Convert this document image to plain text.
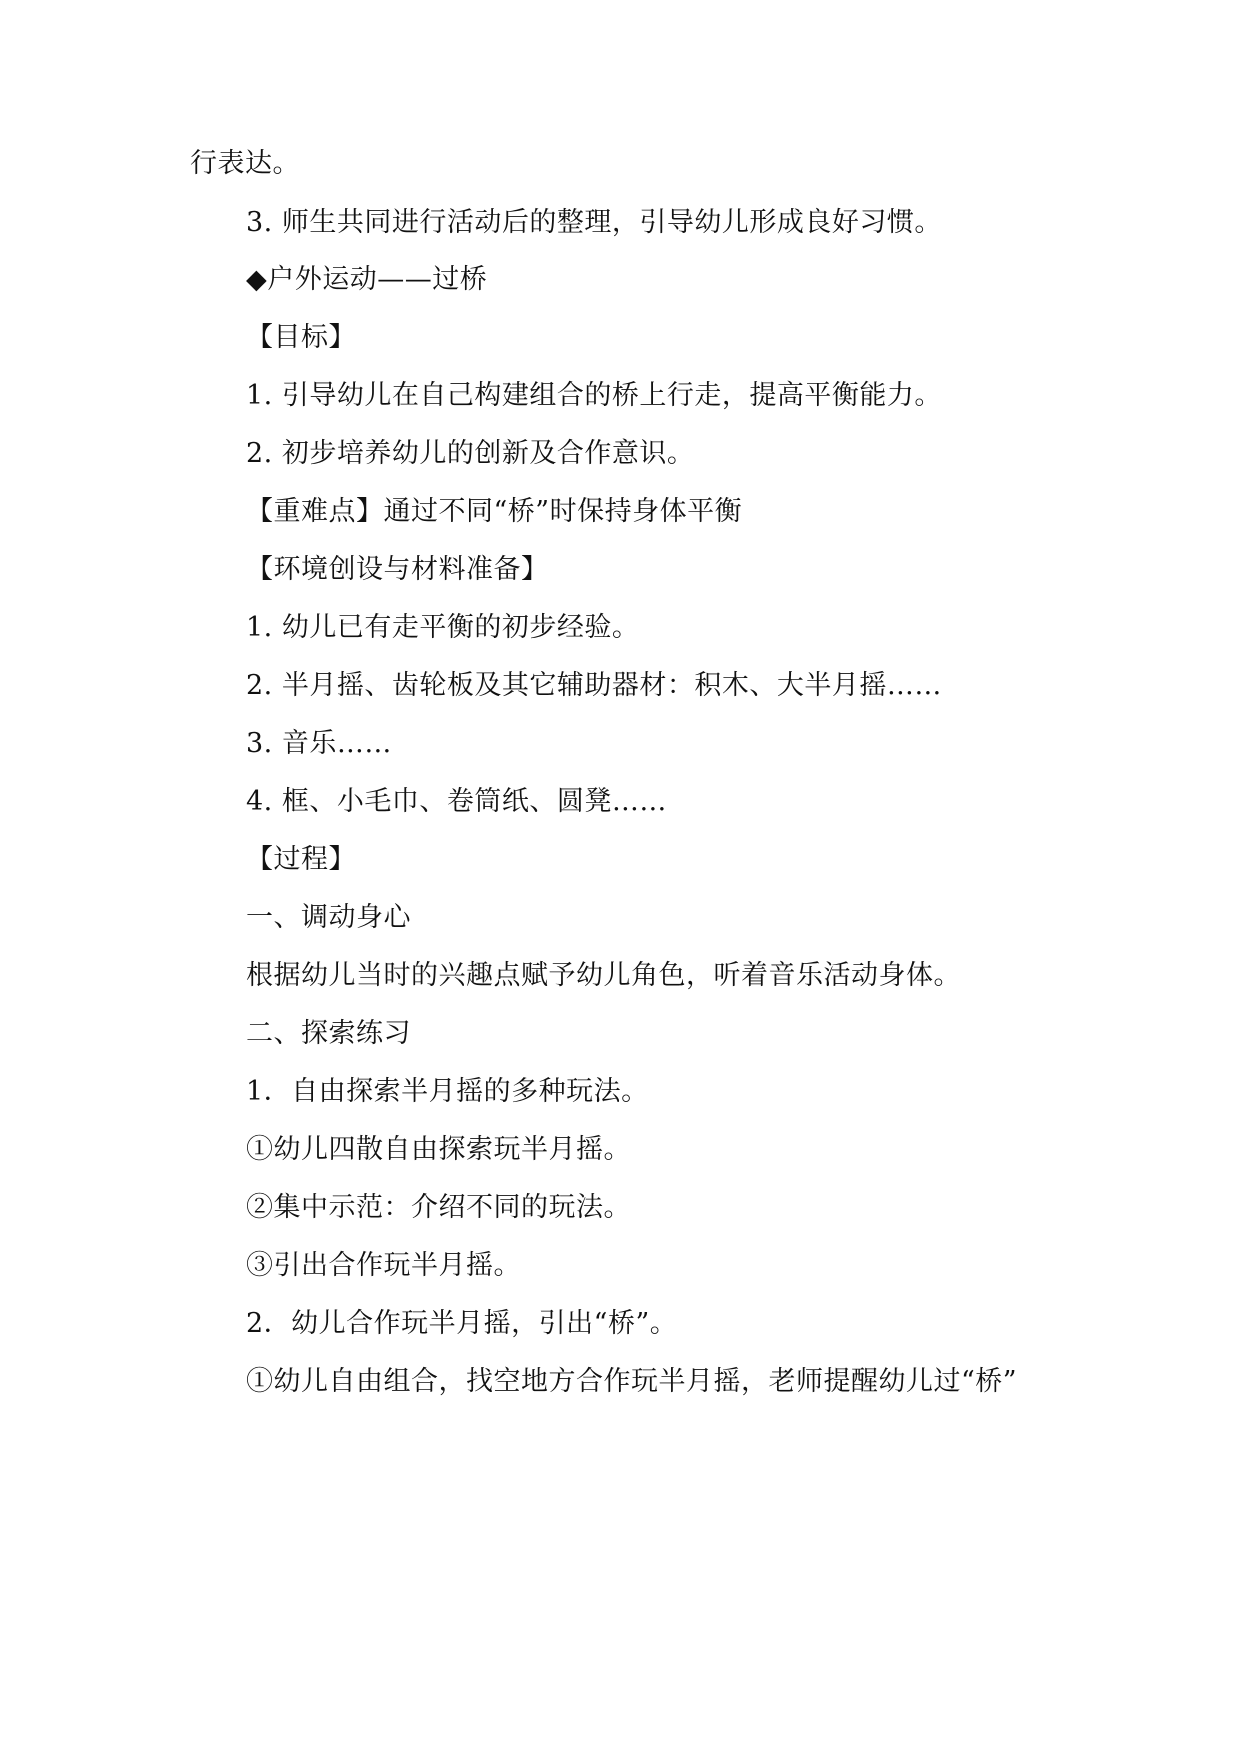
行表达。
3. 师生共同进行活动后的整理，引导幼儿形成良好习惯。
◆户外运动——过桥
【目标】
1. 引导幼儿在自己构建组合的桥上行走，提高平衡能力。
2. 初步培养幼儿的创新及合作意识。
【重难点】通过不同“桥”时保持身体平衡
【环境创设与材料准备】
1. 幼儿已有走平衡的初步经验。
2. 半月摇、齿轮板及其它辅助器材：积木、大半月摇……
3. 音乐……
4. 框、小毛巾、卷筒纸、圆凳……
【过程】
一、调动身心
根据幼儿当时的兴趣点赋予幼儿角色，听着音乐活动身体。
二、探索练习
1．自由探索半月摇的多种玩法。
①幼儿四散自由探索玩半月摇。
②集中示范：介绍不同的玩法。
③引出合作玩半月摇。
2．幼儿合作玩半月摇，引出“桥”。
①幼儿自由组合，找空地方合作玩半月摇，老师提醒幼儿过“桥”
